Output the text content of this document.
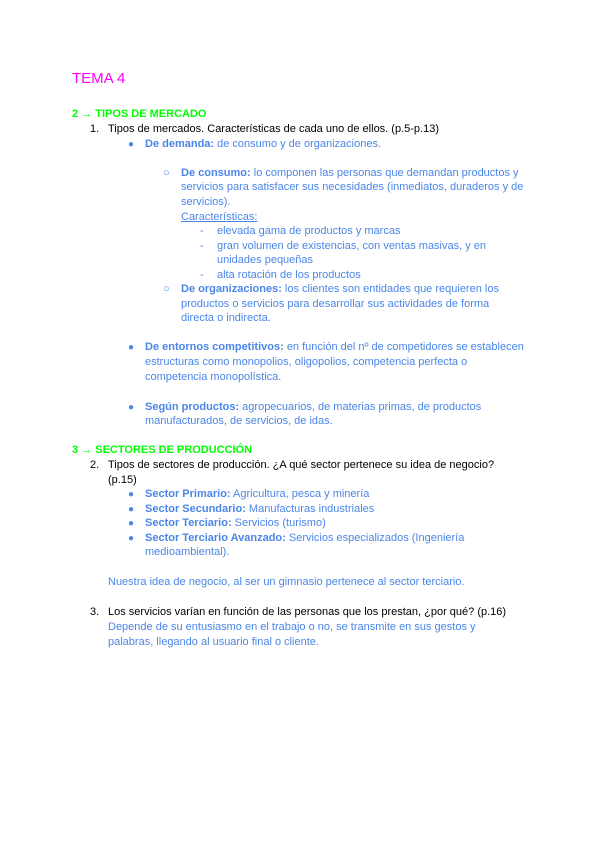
TEMA 4
2 → TIPOS DE MERCADO
1. Tipos de mercados. Características de cada uno de ellos. (p.5-p.13)
● De demanda: de consumo y de organizaciones.
○ De consumo: lo componen las personas que demandan productos y
servicios para satisfacer sus necesidades (inmediatos, duraderos y de
servicios).
Características:
- elevada gama de productos y marcas
- gran volumen de existencias, con ventas masivas, y en
unidades pequeñas
- alta rotación de los productos
○ De organizaciones: los clientes son entidades que requieren los
productos o servicios para desarrollar sus actividades de forma
directa o indirecta.
● De entornos competitivos: en función del nº de competidores se establecen
estructuras como monopolios, oligopolios, competencia perfecta o
competencia monopolística.
● Según productos: agropecuarios, de materias primas, de productos
manufacturados, de servicios, de idas.
3 → SECTORES DE PRODUCCIÓN
2. Tipos de sectores de producción. ¿A qué sector pertenece su idea de negocio?
(p.15)
● Sector Primario: Agricultura, pesca y minería
● Sector Secundario: Manufacturas industriales
● Sector Terciario: Servicios (turismo)
● Sector Terciario Avanzado: Servicios especializados (Ingeniería
medioambiental).
Nuestra idea de negocio, al ser un gimnasio pertenece al sector terciario.
3. Los servicios varían en función de las personas que los prestan, ¿por qué? (p.16)
Depende de su entusiasmo en el trabajo o no, se transmite en sus gestos y
palabras, llegando al usuario final o cliente.
